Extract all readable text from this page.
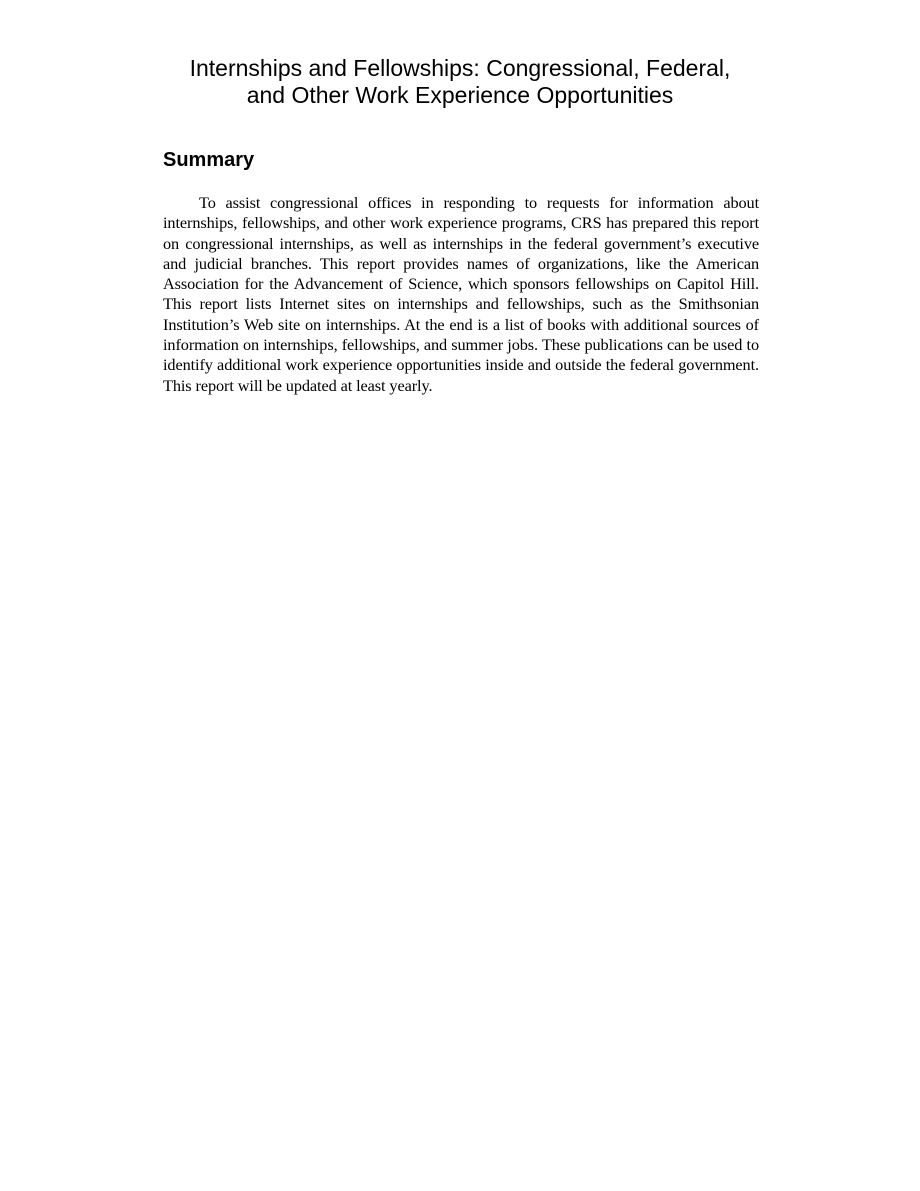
Internships and Fellowships: Congressional, Federal,
and Other Work Experience Opportunities
Summary

To assist congressional offices in responding to requests for information about internships, fellowships, and other work experience programs, CRS has prepared this report on congressional internships, as well as internships in the federal government’s executive and judicial branches. This report provides names of organizations, like the American Association for the Advancement of Science, which sponsors fellowships on Capitol Hill. This report lists Internet sites on internships and fellowships, such as the Smithsonian Institution’s Web site on internships. At the end is a list of books with additional sources of information on internships, fellowships, and summer jobs. These publications can be used to identify additional work experience opportunities inside and outside the federal government. This report will be updated at least yearly.
